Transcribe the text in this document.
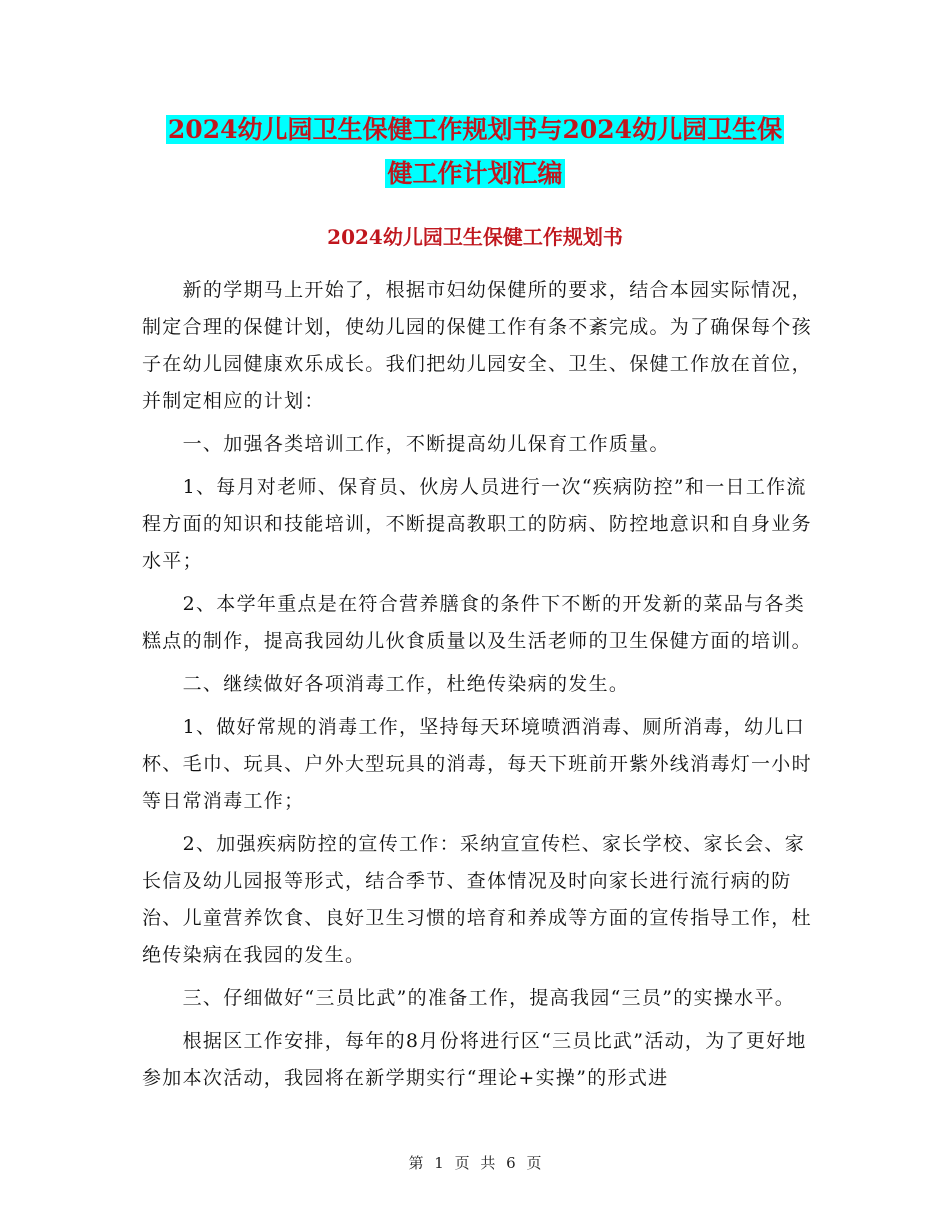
2024幼儿园卫生保健工作规划书与2024幼儿园卫生保
健工作计划汇编
2024幼儿园卫生保健工作规划书

　　新的学期马上开始了，根据市妇幼保健所的要求，结合本园实际情况，制定合理的保健计划，使幼儿园的保健工作有条不紊完成。为了确保每个孩子在幼儿园健康欢乐成长。我们把幼儿园安全、卫生、保健工作放在首位，并制定相应的计划：

　　一、加强各类培训工作，不断提高幼儿保育工作质量。

　　1、每月对老师、保育员、伙房人员进行一次“疾病防控”和一日工作流程方面的知识和技能培训，不断提高教职工的防病、防控地意识和自身业务水平；

　　2、本学年重点是在符合营养膳食的条件下不断的开发新的菜品与各类糕点的制作，提高我园幼儿伙食质量以及生活老师的卫生保健方面的培训。

　　二、继续做好各项消毒工作，杜绝传染病的发生。

　　1、做好常规的消毒工作，坚持每天环境喷洒消毒、厕所消毒，幼儿口杯、毛巾、玩具、户外大型玩具的消毒，每天下班前开紫外线消毒灯一小时等日常消毒工作；

　　2、加强疾病防控的宣传工作：采纳宣宣传栏、家长学校、家长会、家长信及幼儿园报等形式，结合季节、查体情况及时向家长进行流行病的防治、儿童营养饮食、良好卫生习惯的培育和养成等方面的宣传指导工作，杜绝传染病在我园的发生。

　　三、仔细做好“三员比武”的准备工作，提高我园“三员”的实操水平。

　　根据区工作安排，每年的8月份将进行区“三员比武”活动，为了更好地参加本次活动，我园将在新学期实行“理论+实操”的形式进

第 1 页 共 6 页
